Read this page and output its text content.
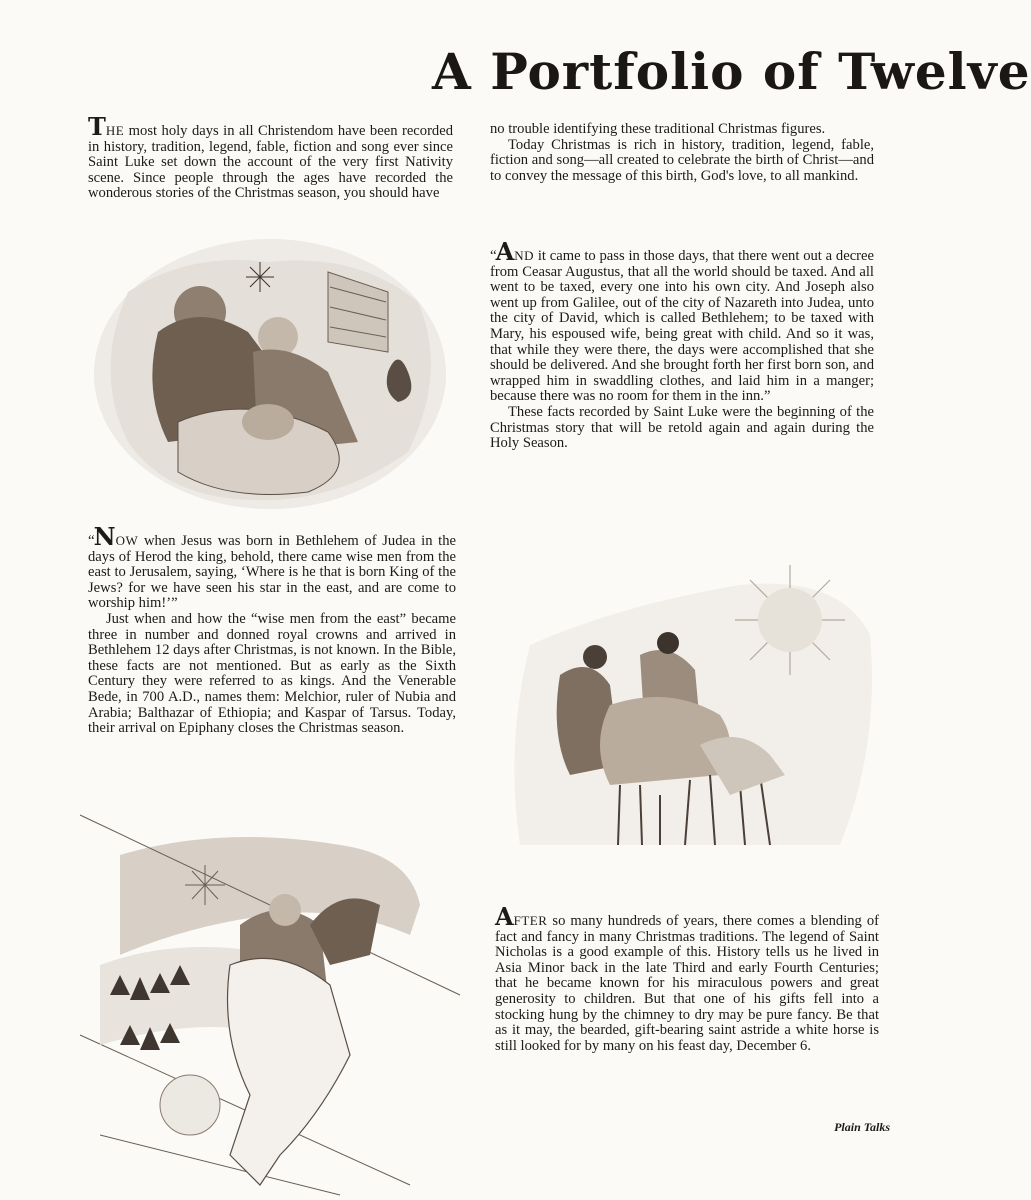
A Portfolio of Twelve

THE most holy days in all Christendom have been recorded in history, tradition, legend, fable, fiction and song ever since Saint Luke set down the account of the very first Nativity scene. Since people through the ages have recorded the wonderous stories of the Christmas season, you should have

no trouble identifying these traditional Christmas figures.

Today Christmas is rich in history, tradition, legend, fable, fiction and song—all created to celebrate the birth of Christ—and to convey the message of this birth, God's love, to all mankind.

“AND it came to pass in those days, that there went out a decree from Ceasar Augustus, that all the world should be taxed. And all went to be taxed, every one into his own city. And Joseph also went up from Galilee, out of the city of Nazareth into Judea, unto the city of David, which is called Bethlehem; to be taxed with Mary, his espoused wife, being great with child. And so it was, that while they were there, the days were accomplished that she should be delivered. And she brought forth her first born son, and wrapped him in swaddling clothes, and laid him in a manger; because there was no room for them in the inn.”

These facts recorded by Saint Luke were the beginning of the Christmas story that will be retold again and again during the Holy Season.

“NOW when Jesus was born in Bethlehem of Judea in the days of Herod the king, behold, there came wise men from the east to Jerusalem, saying, ‘Where is he that is born King of the Jews? for we have seen his star in the east, and are come to worship him!’”

Just when and how the “wise men from the east” became three in number and donned royal crowns and arrived in Bethlehem 12 days after Christmas, is not known. In the Bible, these facts are not mentioned. But as early as the Sixth Century they were referred to as kings. And the Venerable Bede, in 700 A.D., names them: Melchior, ruler of Nubia and Arabia; Balthazar of Ethiopia; and Kaspar of Tarsus. Today, their arrival on Epiphany closes the Christmas season.

AFTER so many hundreds of years, there comes a blending of fact and fancy in many Christmas traditions. The legend of Saint Nicholas is a good example of this. History tells us he lived in Asia Minor back in the late Third and early Fourth Centuries; that he became known for his miraculous powers and great generosity to children. But that one of his gifts fell into a stocking hung by the chimney to dry may be pure fancy. Be that as it may, the bearded, gift-bearing saint astride a white horse is still looked for by many on his feast day, December 6.

Plain Talks
